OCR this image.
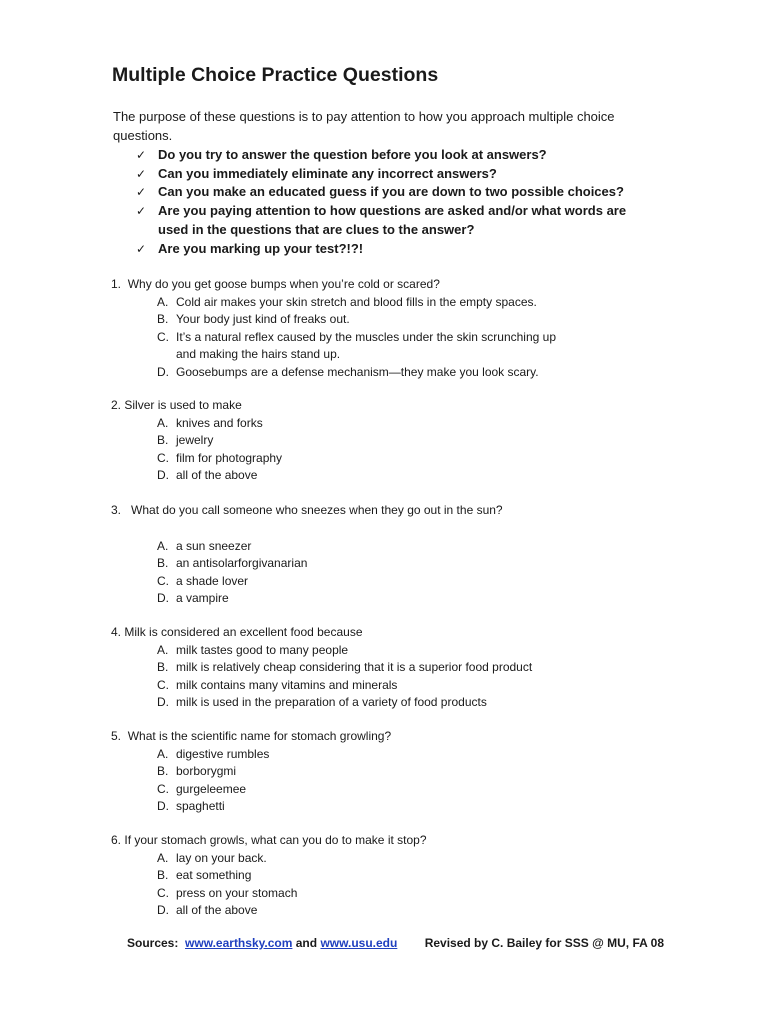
Multiple Choice Practice Questions

The purpose of these questions is to pay attention to how you approach multiple choice questions.

✓ Do you try to answer the question before you look at answers?
✓ Can you immediately eliminate any incorrect answers?
✓ Can you make an educated guess if you are down to two possible choices?
✓ Are you paying attention to how questions are asked and/or what words are used in the questions that are clues to the answer?
✓ Are you marking up your test?!?!

1. Why do you get goose bumps when you’re cold or scared?

A. Cold air makes your skin stretch and blood fills in the empty spaces.
B. Your body just kind of freaks out.
C. It’s a natural reflex caused by the muscles under the skin scrunching up and making the hairs stand up.
D. Goosebumps are a defense mechanism—they make you look scary.

2. Silver is used to make

A. knives and forks
B. jewelry
C. film for photography
D. all of the above

3. What do you call someone who sneezes when they go out in the sun?

A. a sun sneezer
B. an antisolarforgivanarian
C. a shade lover
D. a vampire

4. Milk is considered an excellent food because

A. milk tastes good to many people
B. milk is relatively cheap considering that it is a superior food product
C. milk contains many vitamins and minerals
D. milk is used in the preparation of a variety of food products

5. What is the scientific name for stomach growling?

A. digestive rumbles
B. borborygmi
C. gurgeleemee
D. spaghetti

6. If your stomach growls, what can you do to make it stop?

A. lay on your back.
B. eat something
C. press on your stomach
D. all of the above
Sources: www.earthsky.com and www.usu.edu Revised by C. Bailey for SSS @ MU, FA 08
